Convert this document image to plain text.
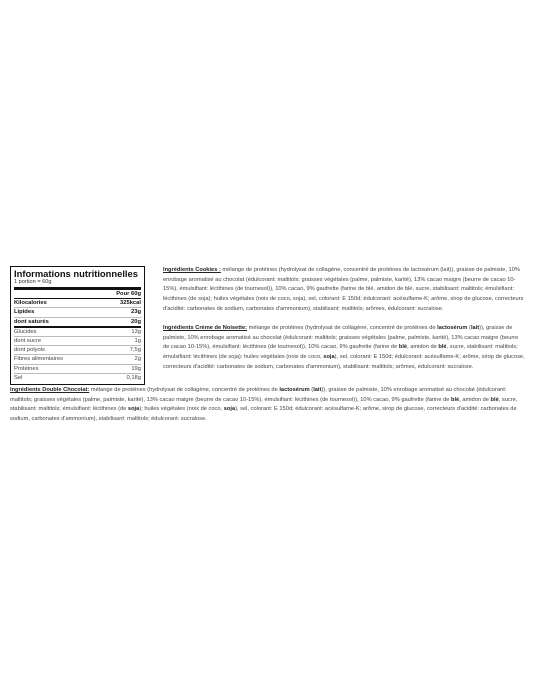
Informations nutritionnelles
1 portion = 60g
Pour 60g
Kilocalories	325kcal
Lipides	23g
dont saturés	20g
Glucides	13g
dont sucre	1g
dont polyols	7,5g
Fibres alimentaires	2g
Protéines	19g
Sel	0,18g

Ingrédients Cookies : mélange de protéines (hydrolysat de collagène, concentré de protéines de lactosérum (lait)), graisse de palmiste, 10% enrobage aromatisé au chocolat (édulcorant: maltitols; graisses végétales (palme, palmiste, karité), 13% cacao maigre (beurre de cacao 10-15%), émulsifiant: lécithines (de tournesol)), 10% cacao, 9% gaufrette (farine de blé, amidon de blé, sucre, stabilisant: maltitols; émulsifiant: lécithines (de soja); huiles végétales (noix de coco, soja), sel, colorant: E 150d; édulcorant: acésulfame-K; arôme, sirop de glucose, correcteurs d'acidité: carbonates de sodium, carbonates d'ammonium), stabilisant: maltitols; arômes, édulcorant: sucralose.

Ingrédients Crème de Noisette: mélange de protéines (hydrolysat de collagène, concentré de protéines de lactosérum (lait)), graisse de palmiste, 10% enrobage aromatisé au chocolat (édulcorant: maltitols; graisses végétales (palme, palmiste, karité), 13% cacao maigre (beurre de cacao 10-15%), émulsifiant: lécithines (de tournesol)), 10% cacao, 9% gaufrette (farine de blé, amidon de blé, sucre, stabilisant: maltitols; émulsifiant: lécithines (de soja); huiles végétales (noix de coco, soja), sel, colorant: E 150d; édulcorant: acésulfame-K; arôme, sirop de glucose, correcteurs d'acidité: carbonates de sodium, carbonates d'ammonium), stabilisant: maltitols; arômes, édulcorant: sucralose.

Ingrédients Double Chocolat: mélange de protéines (hydrolysat de collagène, concentré de protéines de lactosérum (lait)), graisse de palmiste, 10% enrobage aromatisé au chocolat (édulcorant: maltitols; graisses végétales (palme, palmiste, karité), 13% cacao maigre (beurre de cacao 10-15%), émulsifiant: lécithines (de tournesol)), 10% cacao, 9% gaufrette (farine de blé, amidon de blé, sucre, stabilisant: maltitols; émulsifiant: lécithines (de soja); huiles végétales (noix de coco, soja), sel, colorant: E 150d; édulcorant: acésulfame-K; arôme, sirop de glucose, correcteurs d'acidité: carbonates de sodium, carbonates d'ammonium), stabilisant: maltitols; édulcorant: sucralose.
